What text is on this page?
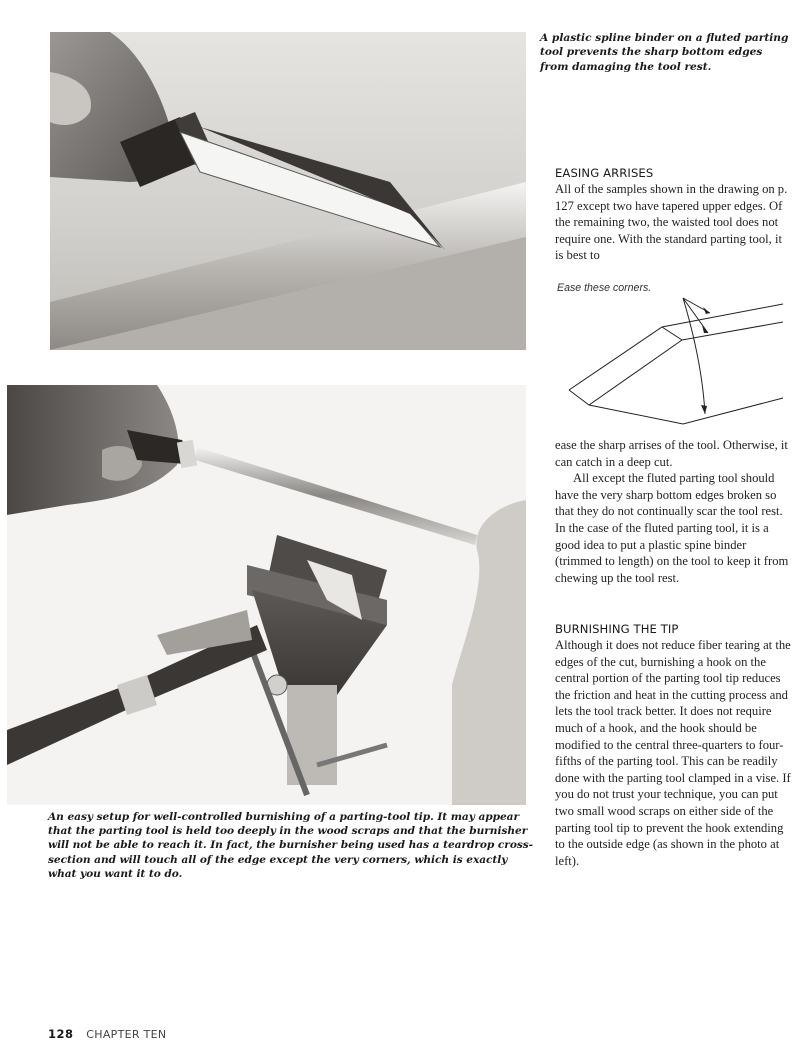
A plastic spline binder on a fluted parting tool prevents the sharp bottom edges from damaging the tool rest.

EASING ARRISES

All of the samples shown in the drawing on p. 127 except two have tapered upper edges. Of the remaining two, the waisted tool does not require one. With the standard parting tool, it is best to

Ease these corners.

ease the sharp arrises of the tool. Otherwise, it can catch in a deep cut.

All except the fluted parting tool should have the very sharp bottom edges broken so that they do not continually scar the tool rest. In the case of the fluted parting tool, it is a good idea to put a plastic spine binder (trimmed to length) on the tool to keep it from chewing up the tool rest.

BURNISHING THE TIP

Although it does not reduce fiber tearing at the edges of the cut, burnishing a hook on the central portion of the parting tool tip reduces the friction and heat in the cutting process and lets the tool track better. It does not require much of a hook, and the hook should be modified to the central three-quarters to four-fifths of the parting tool. This can be readily done with the parting tool clamped in a vise. If you do not trust your technique, you can put two small wood scraps on either side of the parting tool tip to prevent the hook extending to the outside edge (as shown in the photo at left).

An easy setup for well-controlled burnishing of a parting-tool tip. It may appear that the parting tool is held too deeply in the wood scraps and that the burnisher will not be able to reach it. In fact, the burnisher being used has a teardrop cross-section and will touch all of the edge except the very corners, which is exactly what you want it to do.

128 CHAPTER TEN
